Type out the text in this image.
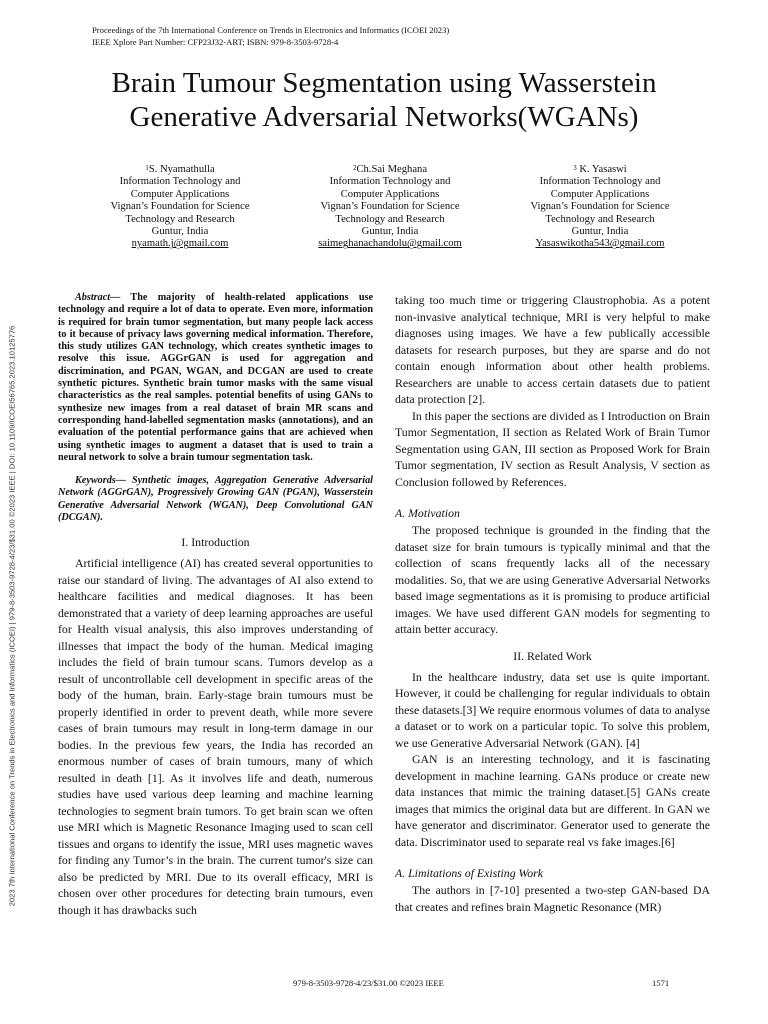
Proceedings of the 7th International Conference on Trends in Electronics and Informatics (ICOEI 2023)
IEEE Xplore Part Number: CFP23J32-ART; ISBN: 979-8-3503-9728-4
Brain Tumour Segmentation using Wasserstein
Generative Adversarial Networks(WGANs)
$^1$S. Nyamathulla
Information Technology and
Computer Applications
Vignan’s Foundation for Science
Technology and Research
Guntur, India
nyamath.j@gmail.com
$^2$Ch.Sai Meghana
Information Technology and
Computer Applications
Vignan’s Foundation for Science
Technology and Research
Guntur, India
saimeghanachandolu@gmail.com
$^3$ K. Yasaswi
Information Technology and
Computer Applications
Vignan’s Foundation for Science
Technology and Research
Guntur, India
Yasaswikotha543@gmail.com
2023 7th International Conference on Trends in Electronics and Informatics (ICOEI) | 979-8-3503-9728-4/23/$31.00 ©2023 IEEE | DOI: 10.1109/ICOEI56765.2023.10125776

Abstract— The majority of health-related applications use technology and require a lot of data to operate. Even more, information is required for brain tumor segmentation, but many people lack access to it because of privacy laws governing medical information. Therefore, this study utilizes GAN technology, which creates synthetic images to resolve this issue. AGGrGAN is used for aggregation and discrimination, and PGAN, WGAN, and DCGAN are used to create synthetic pictures. Synthetic brain tumor masks with the same visual characteristics as the real samples. potential benefits of using GANs to synthesize new images from a real dataset of brain MR scans and corresponding hand-labelled segmentation masks (annotations), and an evaluation of the potential performance gains that are achieved when using synthetic images to augment a dataset that is used to train a neural network to solve a brain tumour segmentation task.

Keywords— Synthetic images, Aggregation Generative Adversarial Network (AGGrGAN), Progressively Growing GAN (PGAN), Wasserstein Generative Adversarial Network (WGAN), Deep Convolutional GAN (DCGAN).

I. Introduction

Artificial intelligence (AI) has created several opportunities to raise our standard of living. The advantages of AI also extend to healthcare facilities and medical diagnoses. It has been demonstrated that a variety of deep learning approaches are useful for Health visual analysis, this also improves understanding of illnesses that impact the body of the human. Medical imaging includes the field of brain tumour scans. Tumors develop as a result of uncontrollable cell development in specific areas of the body of the human, brain. Early-stage brain tumours must be properly identified in order to prevent death, while more severe cases of brain tumours may result in long-term damage in our bodies. In the previous few years, the India has recorded an enormous number of cases of brain tumours, many of which resulted in death [1]. As it involves life and death, numerous studies have used various deep learning and machine learning technologies to segment brain tumors. To get brain scan we often use MRI which is Magnetic Resonance Imaging used to scan cell tissues and organs to identify the issue, MRI uses magnetic waves for finding any Tumor’s in the brain. The current tumor's size can also be predicted by MRI. Due to its overall efficacy, MRI is chosen over other procedures for detecting brain tumours, even though it has drawbacks such

taking too much time or triggering Claustrophobia. As a potent non-invasive analytical technique, MRI is very helpful to make diagnoses using images. We have a few publically accessible datasets for research purposes, but they are sparse and do not contain enough information about other health problems. Researchers are unable to access certain datasets due to patient data protection [2].

In this paper the sections are divided as I Introduction on Brain Tumor Segmentation, II section as Related Work of Brain Tumor Segmentation using GAN, III section as Proposed Work for Brain Tumor segmentation, IV section as Result Analysis, V section as Conclusion followed by References.

A. Motivation

The proposed technique is grounded in the finding that the dataset size for brain tumours is typically minimal and that the collection of scans frequently lacks all of the necessary modalities. So, that we are using Generative Adversarial Networks based image segmentations as it is promising to produce artificial images. We have used different GAN models for segmenting to attain better accuracy.

II. Related Work

In the healthcare industry, data set use is quite important. However, it could be challenging for regular individuals to obtain these datasets.[3] We require enormous volumes of data to analyse a dataset or to work on a particular topic. To solve this problem, we use Generative Adversarial Network (GAN). [4]

GAN is an interesting technology, and it is fascinating development in machine learning. GANs produce or create new data instances that mimic the training dataset.[5] GANs create images that mimics the original data but are different. In GAN we have generator and discriminator. Generator used to generate the data. Discriminator used to separate real vs fake images.[6]

A. Limitations of Existing Work

The authors in [7-10] presented a two-step GAN-based DA that creates and refines brain Magnetic Resonance (MR)

979-8-3503-9728-4/23/$31.00 ©2023 IEEE	1571
